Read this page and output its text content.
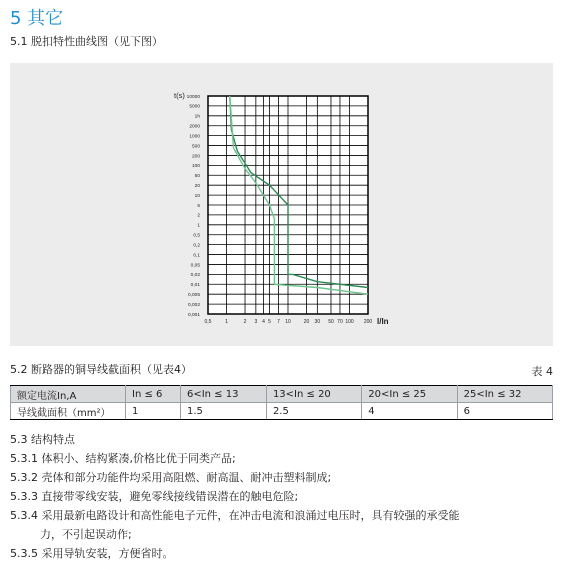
5 其它
5.1 脱扣特性曲线图（见下图）
0,5	1	2 3 4 5 7 10	20 30 50 70 100 200
10000
5000
1h
2000
1000
500
200
100
50
20
10
5
2
1
0,5
0,2
0,1
0,05
0,02
0,01
0,005
0,002
0,001
t(s)
I/In
5.2 断路器的铜导线截面积（见表4）	表 4
额定电流In,A	In ≤ 6	6<In ≤ 13	13<In ≤ 20	20<In ≤ 25	25<In ≤ 32
导线截面积（mm²）	1	1.5	2.5	4	6
5.3 结构特点
5.3.1 体积小、结构紧凑,价格比优于同类产品;
5.3.2 壳体和部分功能件均采用高阻燃、耐高温、耐冲击塑料制成;
5.3.3 直接带零线安装，避免零线接线错误潜在的触电危险;
5.3.4 采用最新电路设计和高性能电子元件，在冲击电流和浪涌过电压时，具有较强的承受能
力，不引起误动作;
5.3.5 采用导轨安装，方便省时。
